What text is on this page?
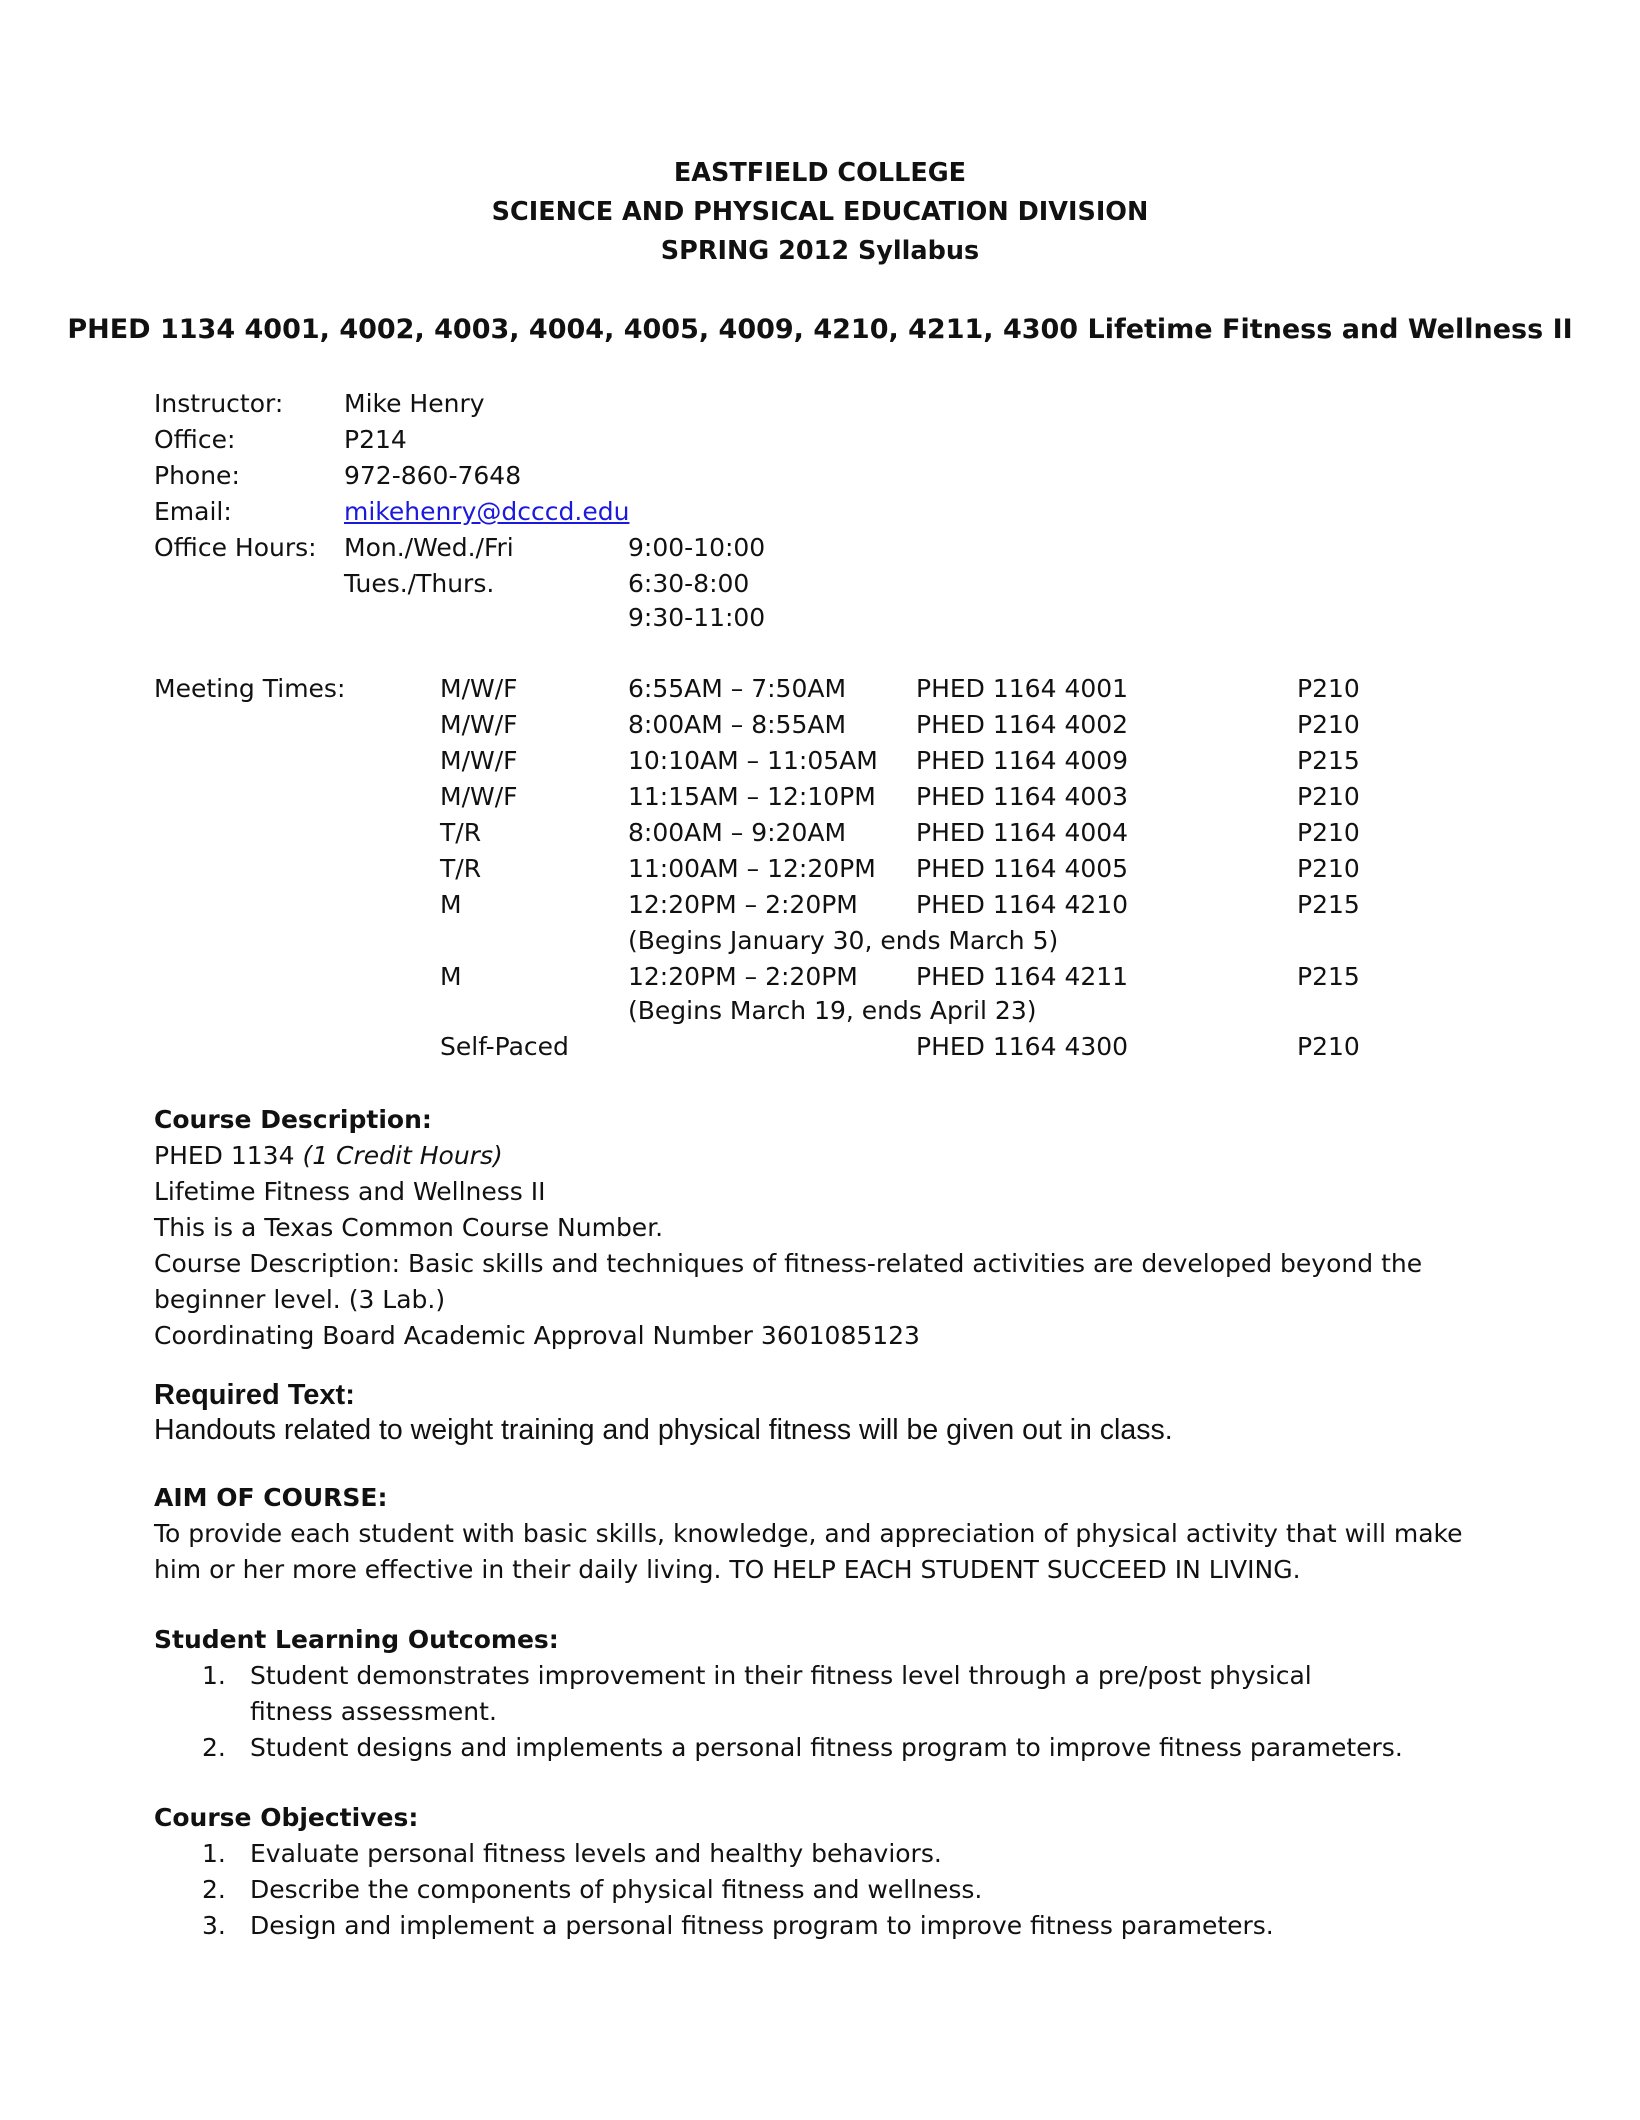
EASTFIELD COLLEGE
SCIENCE AND PHYSICAL EDUCATION DIVISION
SPRING 2012 Syllabus
PHED 1134 4001, 4002, 4003, 4004, 4005, 4009, 4210, 4211, 4300 Lifetime Fitness and Wellness II
Instructor: Mike Henry
Office:	P214
Phone:	972-860-7648
Email:	mikehenry@dcccd.edu
Office Hours: Mon./Wed./Fri	9:00-10:00
Tues./Thurs.	6:30-8:00
9:30-11:00
Meeting Times:	M/W/F	6:55AM – 7:50AM	PHED 1164 4001	P210
M/W/F	8:00AM – 8:55AM	PHED 1164 4002	P210
M/W/F	10:10AM – 11:05AM PHED 1164 4009	P215
M/W/F	11:15AM – 12:10PM PHED 1164 4003	P210
T/R	8:00AM – 9:20AM	PHED 1164 4004	P210
T/R	11:00AM – 12:20PM PHED 1164 4005	P210
M	12:20PM – 2:20PM PHED 1164 4210	P215
(Begins January 30, ends March 5)
M	12:20PM – 2:20PM PHED 1164 4211	P215
(Begins March 19, ends April 23)
Self-Paced	PHED 1164 4300	P210

Course Description:

PHED 1134 (1 Credit Hours)

Lifetime Fitness and Wellness II

This is a Texas Common Course Number.

Course Description: Basic skills and techniques of fitness-related activities are developed beyond the beginner level. (3 Lab.)

Coordinating Board Academic Approval Number 3601085123

Required Text:

Handouts related to weight training and physical fitness will be given out in class.

AIM OF COURSE:

To provide each student with basic skills, knowledge, and appreciation of physical activity that will make him or her more effective in their daily living. TO HELP EACH STUDENT SUCCEED IN LIVING.

Student Learning Outcomes:

1. Student demonstrates improvement in their fitness level through a pre/post physical fitness assessment.
2. Student designs and implements a personal fitness program to improve fitness parameters.

Course Objectives:

1. Evaluate personal fitness levels and healthy behaviors.
2. Describe the components of physical fitness and wellness.
3. Design and implement a personal fitness program to improve fitness parameters.
